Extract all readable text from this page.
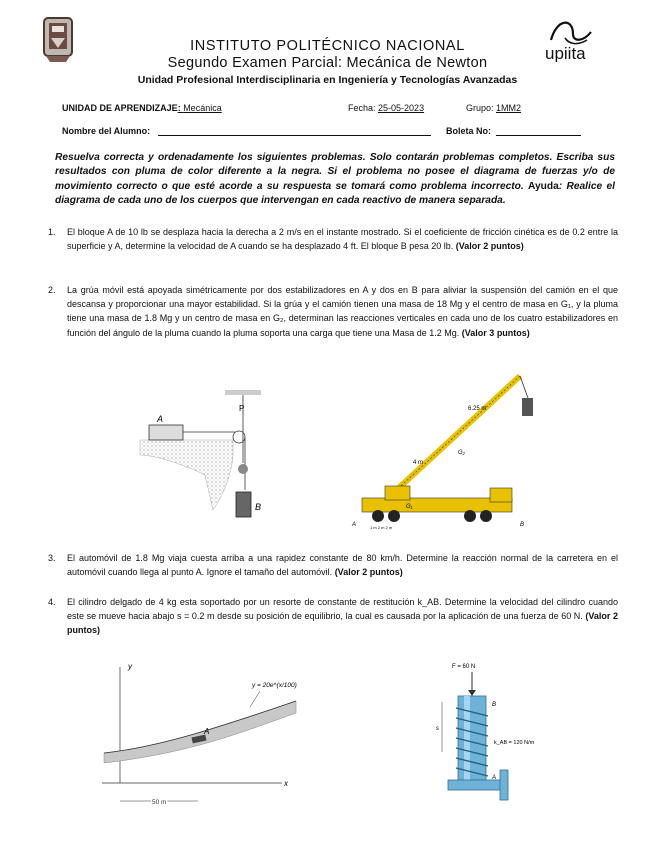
upiita
INSTITUTO POLITÉCNICO NACIONAL
Segundo Examen Parcial: Mecánica de Newton
Unidad Profesional Interdisciplinaria en Ingeniería y Tecnologías Avanzadas
UNIDAD DE APRENDIZAJE: Mecánica	Fecha: 25-05-2023	Grupo: 1MM2
Nombre del Alumno:	Boleta No:
Resuelva correcta y ordenadamente los siguientes problemas. Solo contarán problemas completos. Escriba sus resultados con pluma de color diferente a la negra. Si el problema no posee el diagrama de fuerzas y/o de movimiento correcto o que esté acorde a su respuesta se tomará como problema incorrecto. Ayuda: Realice el diagrama de cada uno de los cuerpos que intervengan en cada reactivo de manera separada.
1. El bloque A de 10 lb se desplaza hacia la derecha a 2 m/s en el instante mostrado. Si el coeficiente de fricción cinética es de 0.2 entre la superficie y A, determine la velocidad de A cuando se ha desplazado 4 ft. El bloque B pesa 20 lb. (Valor 2 puntos)
2. La grúa móvil está apoyada simétricamente por dos estabilizadores en A y dos en B para aliviar la suspensión del camión en el que descansa y proporcionar una mayor estabilidad. Si la grúa y el camión tienen una masa de 18 Mg y el centro de masa en G₁, y la pluma tiene una masa de 1.8 Mg y un centro de masa en G₂, determinan las reacciones verticales en cada uno de los cuatro estabilizadores en función del ángulo de la pluma cuando la pluma soporta una carga que tiene una Masa de 1.2 Mg. (Valor 3 puntos)
3. El automóvil de 1.8 Mg viaja cuesta arriba a una rapidez constante de 80 km/h. Determine la reacción normal de la carretera en el automóvil cuando llega al punto A. Ignore el tamaño del automóvil. (Valor 2 puntos)
4. El cilindro delgado de 4 kg esta soportado por un resorte de constante de restitución k_AB. Determine la velocidad del cilindro cuando este se mueve hacia abajo s = 0.2 m desde su posición de equilibrio, la cual es causada por la aplicación de una fuerza de 60 N. (Valor 2 puntos)
A
P
B
6.25 m
4 m
G₂
G₁
A	B
1 m 2 m 2 m
y
x
A
y = 20e^(x/100)
50 m
F = 60 N
B
s
k_AB = 120 N/m
A
